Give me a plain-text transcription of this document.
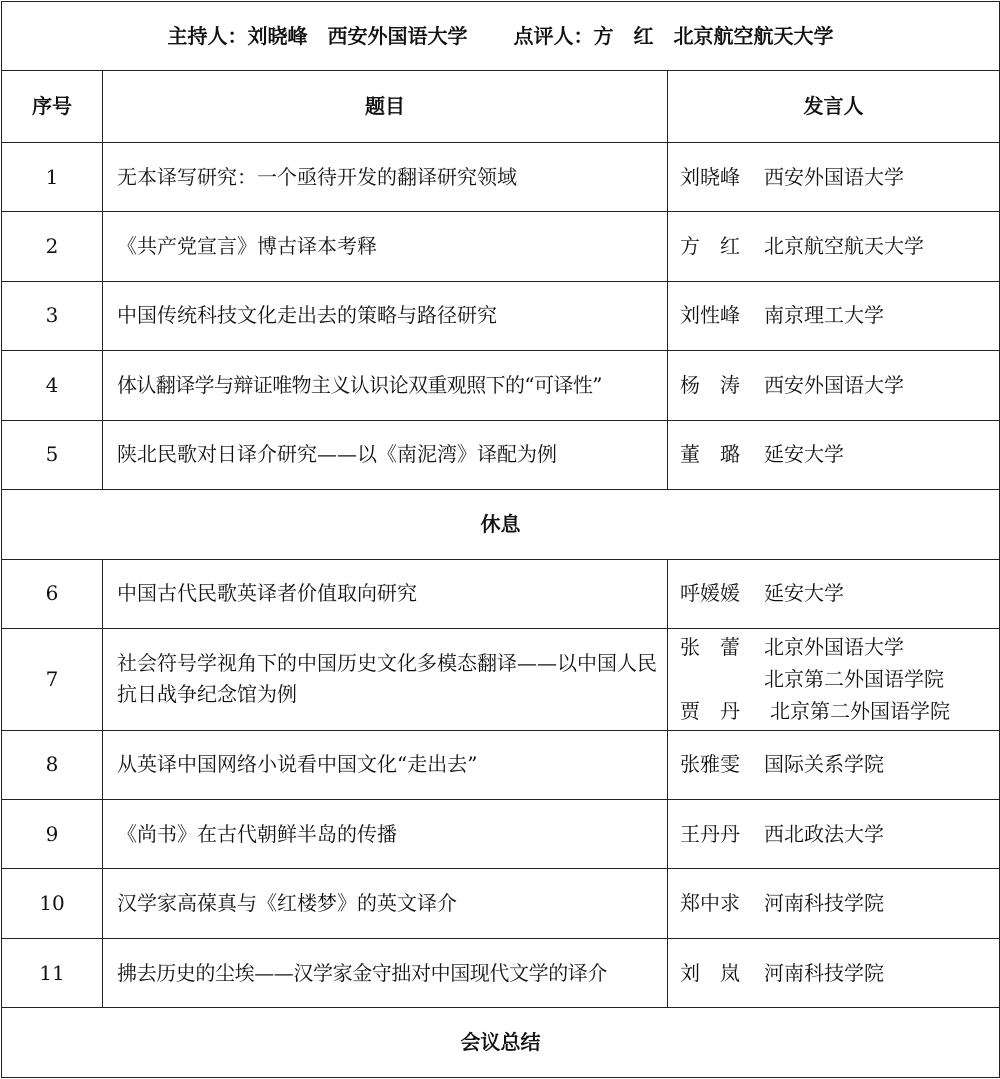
主持人：刘晓峰 西安外国语大学 点评人：方　红 北京航空航天大学		
序号	题目	发言人
1	无本译写研究：一个亟待开发的翻译研究领域	刘晓峰 西安外国语大学
2	《共产党宣言》博古译本考释	方　红 北京航空航天大学
3	中国传统科技文化走出去的策略与路径研究	刘性峰 南京理工大学
4	体认翻译学与辩证唯物主义认识论双重观照下的“可译性”	杨　涛 西安外国语大学
5	陕北民歌对日译介研究——以《南泥湾》译配为例	董　璐 延安大学
休息		
6	中国古代民歌英译者价值取向研究	呼媛媛 延安大学
7	社会符号学视角下的中国历史文化多模态翻译——以中国人民抗日战争纪念馆为例	张　蕾 北京外国语大学
北京第二外国语学院
贾　丹 北京第二外国语学院

8	从英译中国网络小说看中国文化“走出去”	张雅雯 国际关系学院
9	《尚书》在古代朝鲜半岛的传播	王丹丹 西北政法大学
10	汉学家高葆真与《红楼梦》的英文译介	郑中求 河南科技学院
11	拂去历史的尘埃——汉学家金守拙对中国现代文学的译介	刘　岚 河南科技学院
会议总结		
